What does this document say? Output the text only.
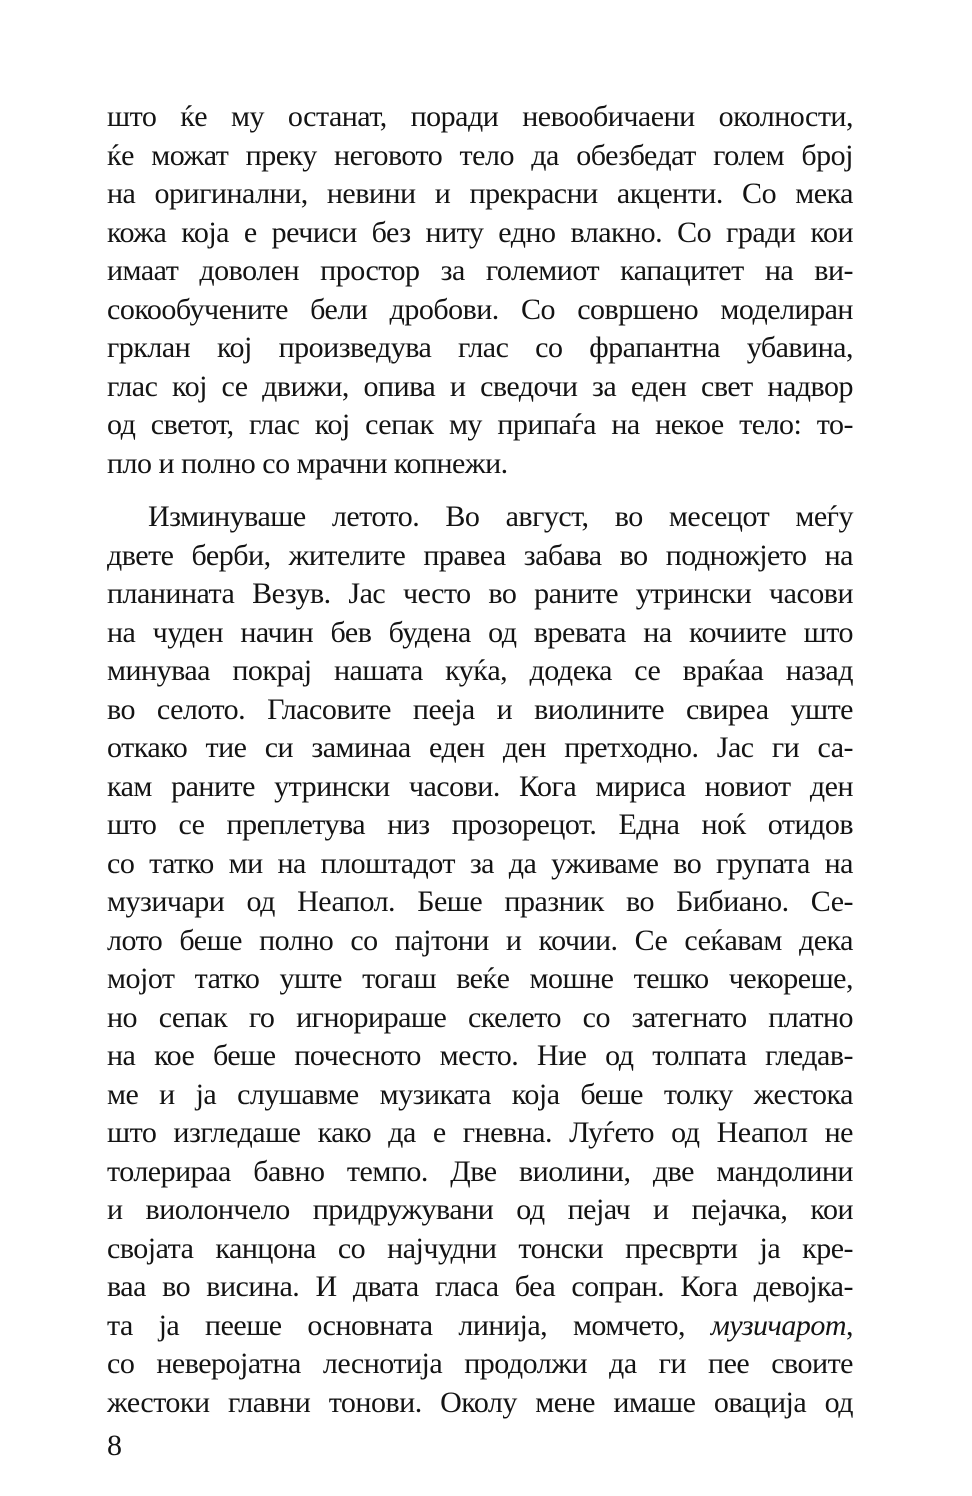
што ќе му останат, поради невообичаени околности,
ќе можат преку неговото тело да обезбедат голем број
на оригинални, невини и прекрасни акценти. Со мека
кожа која е речиси без ниту едно влакно. Со гради кои
имаат доволен простор за големиот капацитет на ви-
сокообучените бели дробови. Со совршено моделиран
грклан кој произведува глас со фрапантна убавина,
глас кој се движи, опива и сведочи за еден свет надвор
од светот, глас кој сепак му припаѓа на некое тело: то-
пло и полно со мрачни копнежи.
Изминуваше летото. Во август, во месецот меѓу
двете берби, жителите правеа забава во подножјето на
планината Везув. Јас често во раните утрински часови
на чуден начин бев будена од вревата на кочиите што
минуваа покрај нашата куќа, додека се враќаа назад
во селото. Гласовите пееја и виолините свиреа уште
откако тие си заминаа еден ден претходно. Јас ги са-
кам раните утрински часови. Кога мириса новиот ден
што се преплетува низ прозорецот. Една ноќ отидов
со татко ми на плоштадот за да уживаме во групата на
музичари од Неапол. Беше празник во Бибиано. Се-
лото беше полно со пајтони и кочии. Се сеќавам дека
мојот татко уште тогаш веќе мошне тешко чекореше,
но сепак го игнорираше скелето со затегнато платно
на кое беше почесното место. Ние од толпата гледав-
ме и ја слушавме музиката која беше толку жестока
што изгледаше како да е гневна. Луѓето од Неапол не
толерираа бавно темпо. Две виолини, две мандолини
и виолончело придружувани од пејач и пејачка, кои
својата канцона со најчудни тонски пресврти ја кре-
ваа во висина. И двата гласа беа сопран. Кога девојка-
та ја пееше основната линија, момчето, музичарот,
со неверојатна леснотија продолжи да ги пее своите
жестоки главни тонови. Околу мене имаше овација од
8
